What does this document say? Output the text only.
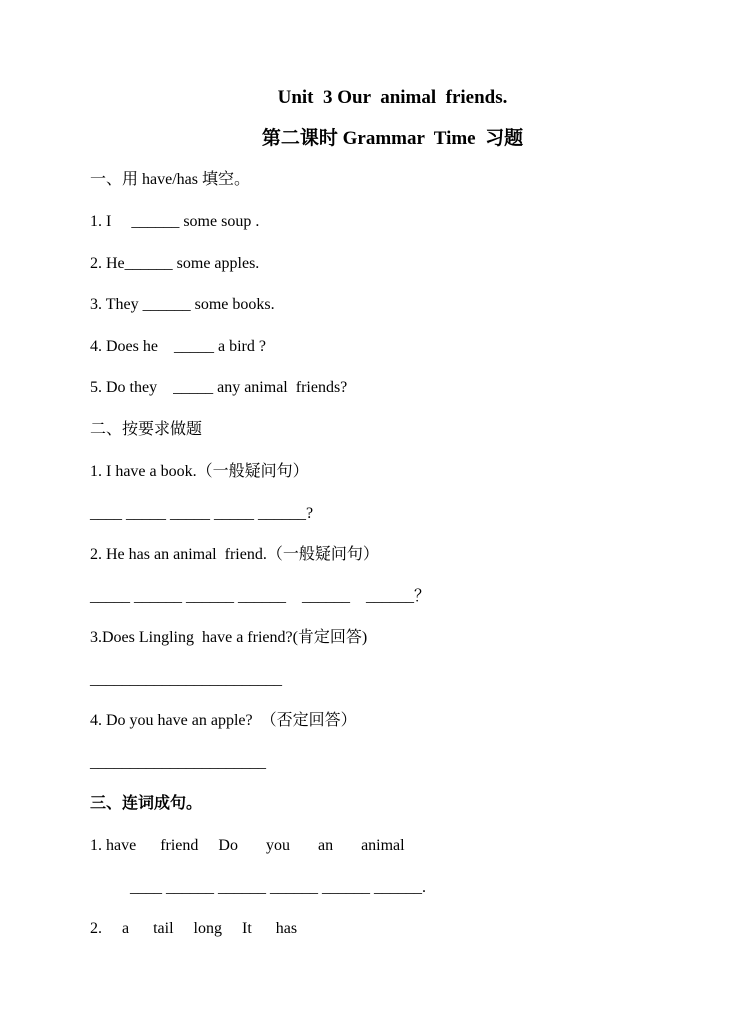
Unit  3 Our  animal  friends.
第二课时 Grammar  Time  习题
一、用 have/has 填空。
1. I     ______ some soup .
2. He______ some apples.
3. They ______ some books.
4. Does he    _____ a bird ?
5. Do they    _____ any animal  friends?
二、按要求做题
1. I have a book.（一般疑问句）
____ _____ _____ _____ ______?
2. He has an animal  friend.（一般疑问句）
_____ ______ ______ ______    ______    ______？
3.Does Lingling  have a friend?(肯定回答)
________________________
4. Do you have an apple?  （否定回答）
______________________
三、连词成句。
1. have      friend     Do       you       an       animal
____ ______ ______ ______ ______ ______.
2.     a      tail     long     It      has
